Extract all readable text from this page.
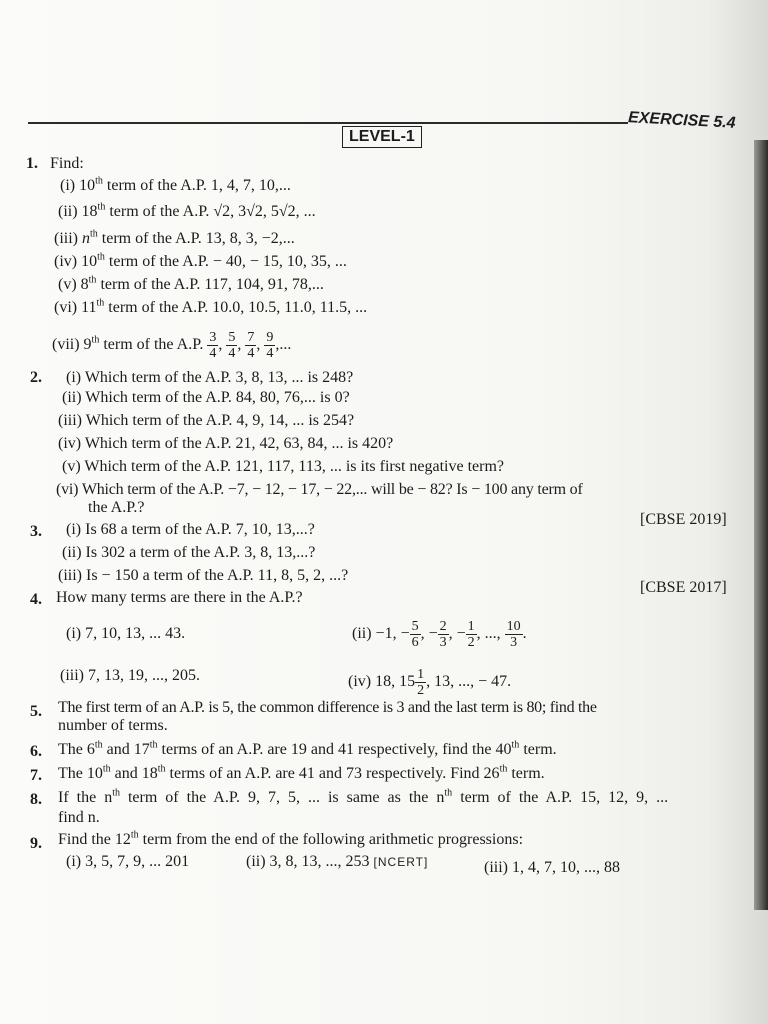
EXERCISE 5.4
LEVEL-1
1. Find:
(i) 10th term of the A.P. 1, 4, 7, 10,...
(ii) 18th term of the A.P. √2, 3√2, 5√2, ...
(iii) $n^{th}$ term of the A.P. 13, 8, 3, −2,...
(iv) 10th term of the A.P. − 40, − 15, 10, 35, ...
(v) 8th term of the A.P. 117, 104, 91, 78,...
(vi) 11th term of the A.P. 10.0, 10.5, 11.0, 11.5, ...
(vii) 9th term of the A.P. $\frac{3}{4}$ , $\frac{5}{4}$ , $\frac{7}{4}$ , $\frac{9}{4}$ ,...
2. (i) Which term of the A.P. 3, 8, 13, ... is 248?
(ii) Which term of the A.P. 84, 80, 76,... is 0?
(iii) Which term of the A.P. 4, 9, 14, ... is 254?
(iv) Which term of the A.P. 21, 42, 63, 84, ... is 420?
(v) Which term of the A.P. 121, 117, 113, ... is its first negative term?
(vi) Which term of the A.P. −7, − 12, − 17, − 22,... will be − 82? Is − 100 any term of
the A.P.?
[CBSE 2019]
3. (i) Is 68 a term of the A.P. 7, 10, 13,...?
(ii) Is 302 a term of the A.P. 3, 8, 13,...?
(iii) Is − 150 a term of the A.P. 11, 8, 5, 2, ...?
[CBSE 2017]
4. How many terms are there in the A.P.?
(i) 7, 10, 13, ... 43.	(ii) −1, − $\frac{5}{6}$ , − $\frac{2}{3}$ , − $\frac{1}{2}$ , ..., $\frac{10}{3}$ .
(iii) 7, 13, 19, ..., 205.	(iv) 18, $15 \frac{1}{2}$ , 13, ..., − 47.
5. The first term of an A.P. is 5, the common difference is 3 and the last term is 80; find the
number of terms.
6. The 6th and 17th terms of an A.P. are 19 and 41 respectively, find the 40th term.
7. The 10th and 18th terms of an A.P. are 41 and 73 respectively. Find 26th term.
8. If the $n^{th}$ term of the A.P. 9, 7, 5, ... is same as the $n^{th}$ term of the A.P. 15, 12, 9, ...
find n.
9. Find the 12th term from the end of the following arithmetic progressions:
(i) 3, 5, 7, 9, ... 201	(ii) 3, 8, 13, ..., 253 [NCERT]	(iii) 1, 4, 7, 10, ..., 88
